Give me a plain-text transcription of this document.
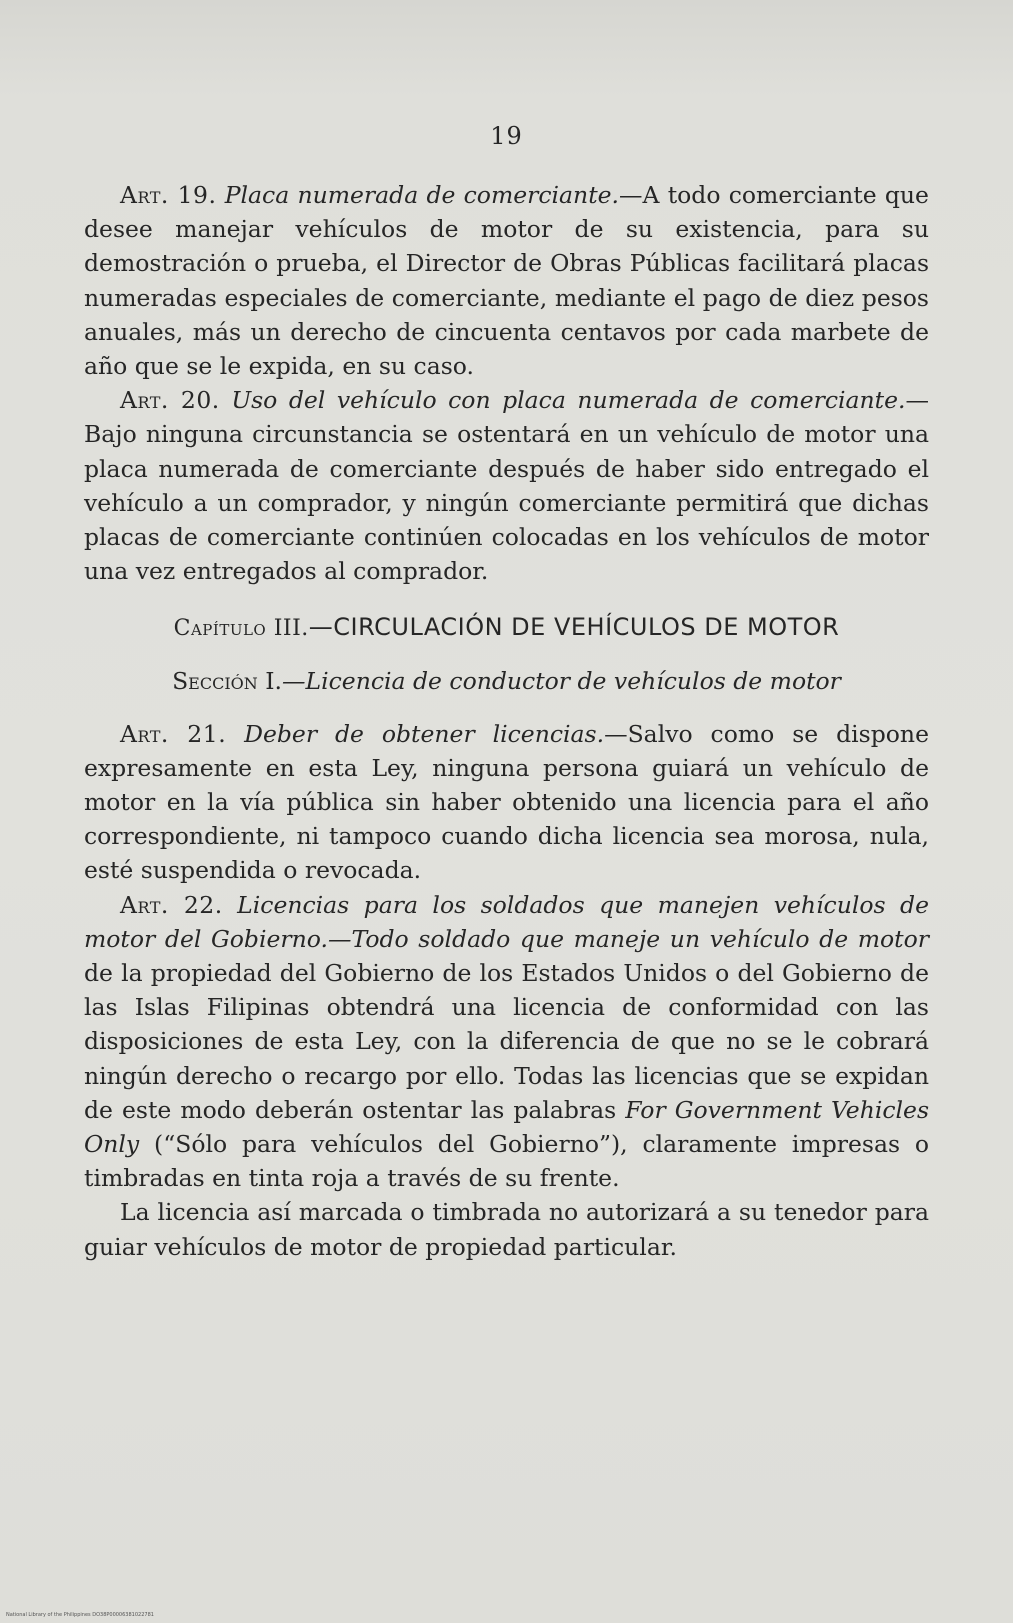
19

Art. 19. Placa numerada de comerciante.—A todo comerciante que desee manejar vehículos de motor de su existencia, para su demostración o prueba, el Director de Obras Públicas facilitará placas numeradas especiales de comerciante, mediante el pago de diez pesos anuales, más un derecho de cincuenta centavos por cada marbete de año que se le expida, en su caso.

Art. 20. Uso del vehículo con placa numerada de comerciante.—Bajo ninguna circunstancia se ostentará en un vehículo de motor una placa numerada de comerciante después de haber sido entregado el vehículo a un comprador, y ningún comerciante permitirá que dichas placas de comerciante continúen colocadas en los vehículos de motor una vez entregados al comprador.

Capítulo III.—CIRCULACIÓN DE VEHÍCULOS DE MOTOR
Sección I.—Licencia de conductor de vehículos de motor

Art. 21. Deber de obtener licencias.—Salvo como se dispone expresamente en esta Ley, ninguna persona guiará un vehículo de motor en la vía pública sin haber obtenido una licencia para el año correspondiente, ni tampoco cuando dicha licencia sea morosa, nula, esté suspendida o revocada.

Art. 22. Licencias para los soldados que manejen vehículos de motor del Gobierno.—Todo soldado que maneje un vehículo de motor de la propiedad del Gobierno de los Estados Unidos o del Gobierno de las Islas Filipinas obtendrá una licencia de conformidad con las disposiciones de esta Ley, con la diferencia de que no se le cobrará ningún derecho o recargo por ello. Todas las licencias que se expidan de este modo deberán ostentar las palabras For Government Vehicles Only (“Sólo para vehículos del Gobierno”), claramente impresas o timbradas en tinta roja a través de su frente.

La licencia así marcada o timbrada no autorizará a su tenedor para guiar vehículos de motor de propiedad particular.

National Library of the Philippines DO38P00006381022781
